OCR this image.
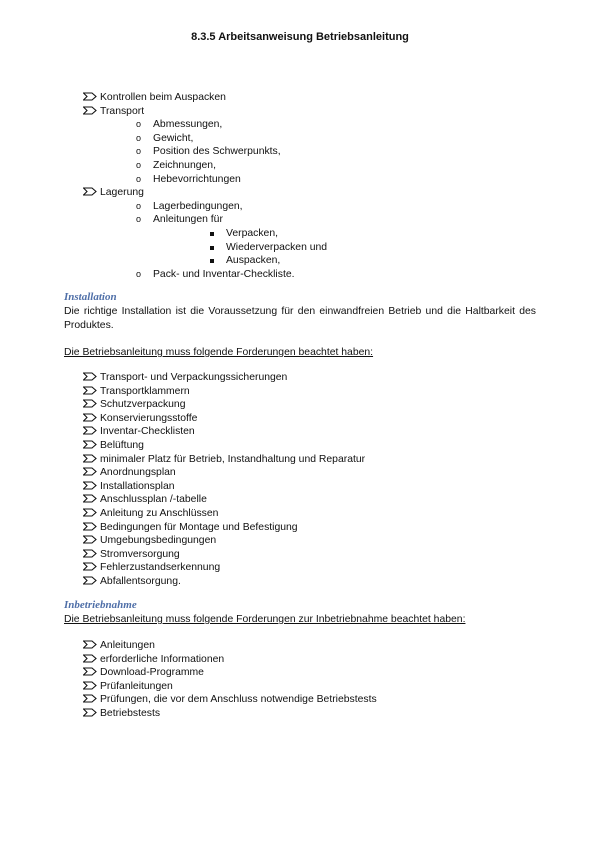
8.3.5 Arbeitsanweisung Betriebsanleitung
Kontrollen beim Auspacken
Transport
o Abmessungen,
o Gewicht,
o Position des Schwerpunkts,
o Zeichnungen,
o Hebevorrichtungen
Lagerung
o Lagerbedingungen,
o Anleitungen für
Verpacken,
Wiederverpacken und
Auspacken,
o Pack- und Inventar-Checkliste.
Installation
Die richtige Installation ist die Voraussetzung für den einwandfreien Betrieb und die Haltbarkeit des Produktes.
Die Betriebsanleitung muss folgende Forderungen beachtet haben:
Transport- und Verpackungssicherungen
Transportklammern
Schutzverpackung
Konservierungsstoffe
Inventar-Checklisten
Belüftung
minimaler Platz für Betrieb, Instandhaltung und Reparatur
Anordnungsplan
Installationsplan
Anschlussplan /-tabelle
Anleitung zu Anschlüssen
Bedingungen für Montage und Befestigung
Umgebungsbedingungen
Stromversorgung
Fehlerzustandserkennung
Abfallentsorgung.
Inbetriebnahme
Die Betriebsanleitung muss folgende Forderungen zur Inbetriebnahme beachtet haben:
Anleitungen
erforderliche Informationen
Download-Programme
Prüfanleitungen
Prüfungen, die vor dem Anschluss notwendige Betriebstests
Betriebstests
